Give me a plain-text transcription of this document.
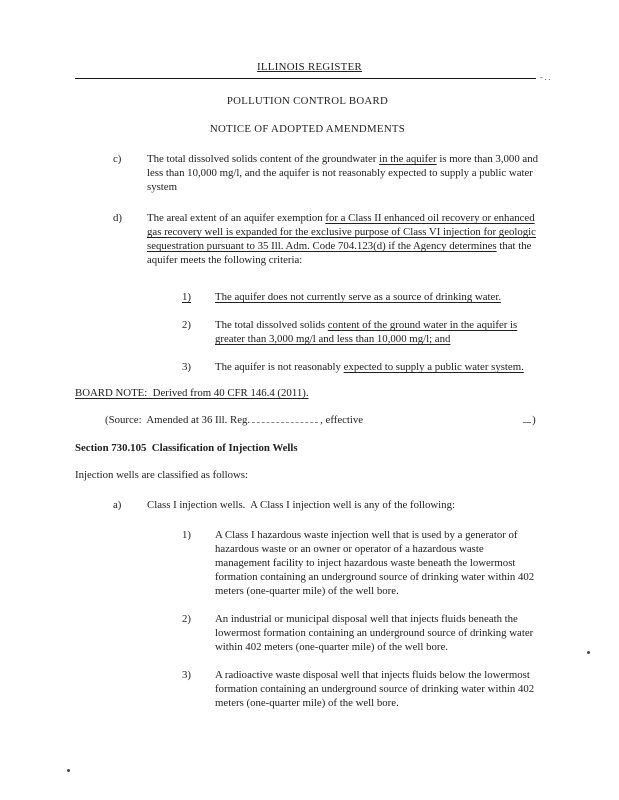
ILLINOIS REGISTER
-..

POLLUTION CONTROL BOARD

NOTICE OF ADOPTED AMENDMENTS

c) The total dissolved solids content of the groundwater in the aquifer is more than 3,000 and less than 10,000 mg/l, and the aquifer is not reasonably expected to supply a public water system
d) The areal extent of an aquifer exemption for a Class II enhanced oil recovery or enhanced gas recovery well is expanded for the exclusive purpose of Class VI injection for geologic sequestration pursuant to 35 Ill. Adm. Code 704.123(d) if the Agency determines that the aquifer meets the following criteria:
1) The aquifer does not currently serve as a source of drinking water.
2) The total dissolved solids content of the ground water in the aquifer is greater than 3,000 mg/l and less than 10,000 mg/l; and
3) The aquifer is not reasonably expected to supply a public water system.

BOARD NOTE:  Derived from 40 CFR 146.4 (2011).

(Source:  Amended at 36 Ill. Reg.	, effective	)

Section 730.105  Classification of Injection Wells

Injection wells are classified as follows:

a) Class I injection wells.  A Class I injection well is any of the following:
1) A Class I hazardous waste injection well that is used by a generator of hazardous waste or an owner or operator of a hazardous waste management facility to inject hazardous waste beneath the lowermost formation containing an underground source of drinking water within 402 meters (one-quarter mile) of the well bore.
2) An industrial or municipal disposal well that injects fluids beneath the lowermost formation containing an underground source of drinking water within 402 meters (one-quarter mile) of the well bore.
3) A radioactive waste disposal well that injects fluids below the lowermost formation containing an underground source of drinking water within 402 meters (one-quarter mile) of the well bore.
